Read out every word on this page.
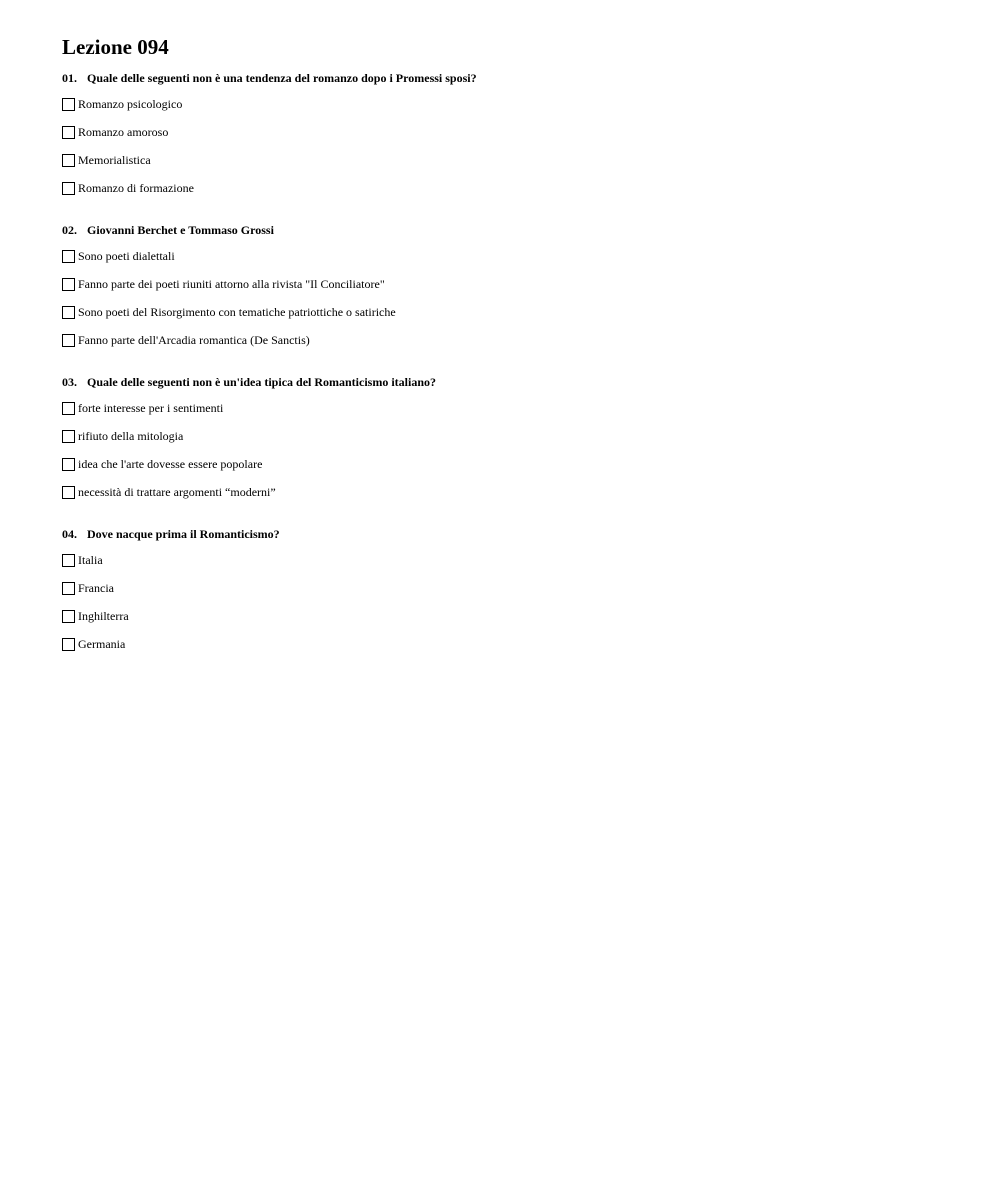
Lezione 094
01. Quale delle seguenti non è una tendenza del romanzo dopo i Promessi sposi?
Romanzo psicologico
Romanzo amoroso
Memorialistica
Romanzo di formazione
02. Giovanni Berchet e Tommaso Grossi
Sono poeti dialettali
Fanno parte dei poeti riuniti attorno alla rivista "Il Conciliatore"
Sono poeti del Risorgimento con tematiche patriottiche o satiriche
Fanno parte dell'Arcadia romantica (De Sanctis)
03. Quale delle seguenti non è un'idea tipica del Romanticismo italiano?
forte interesse per i sentimenti
rifiuto della mitologia
idea che l'arte dovesse essere popolare
necessità di trattare argomenti “moderni”
04. Dove nacque prima il Romanticismo?
Italia
Francia
Inghilterra
Germania
